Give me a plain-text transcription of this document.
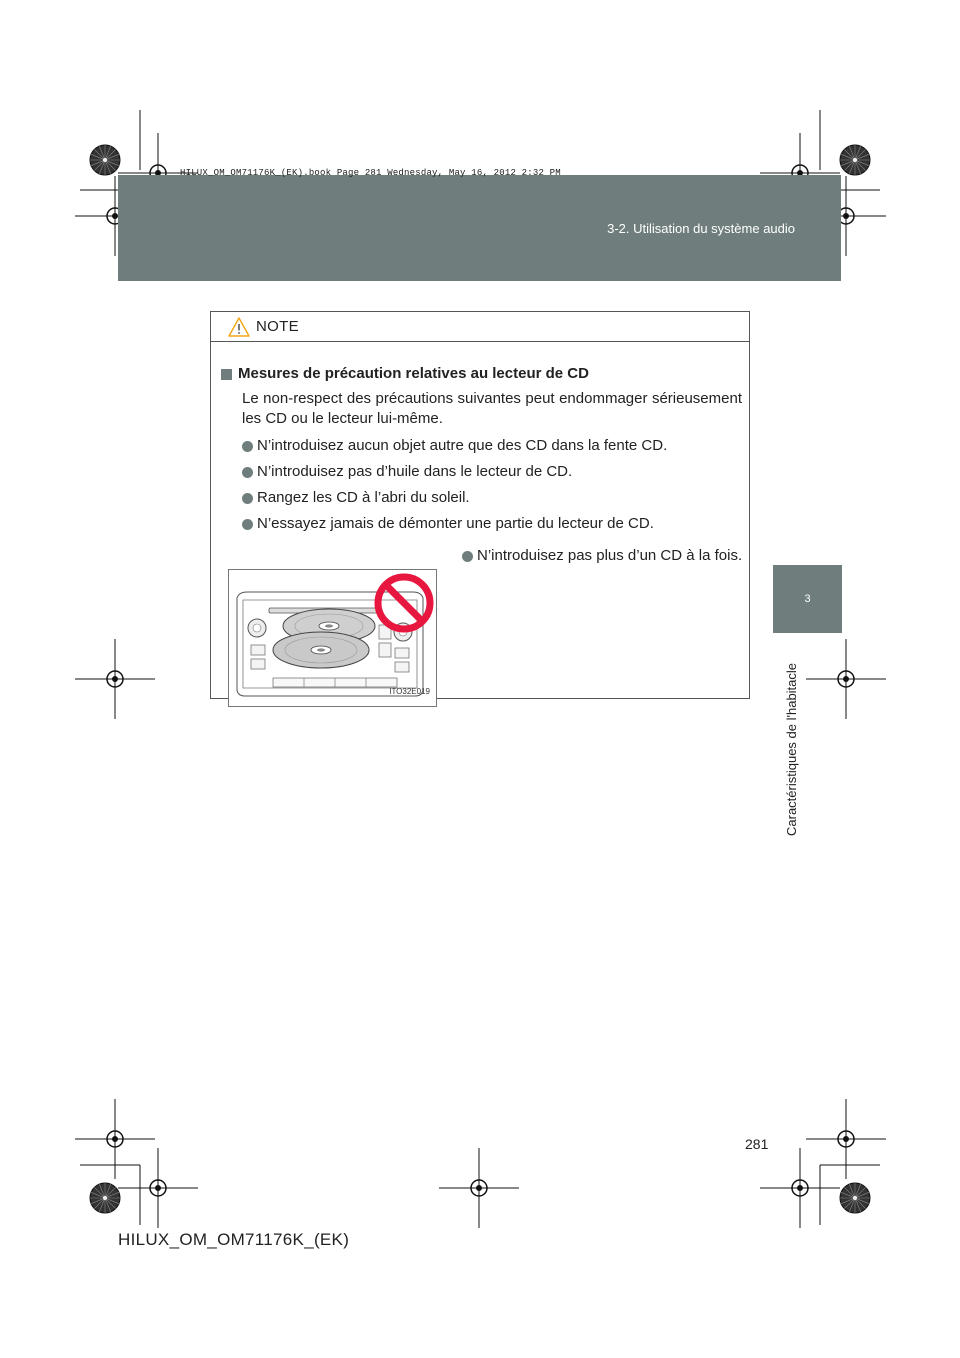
HILUX_OM_OM71176K_(EK).book Page 281 Wednesday, May 16, 2012 2:32 PM
3-2. Utilisation du système audio
3
Caractéristiques de l'habitacle
NOTE
Mesures de précaution relatives au lecteur de CD

Le non-respect des précautions suivantes peut endommager sérieusement les CD ou le lecteur lui-même.

N’introduisez aucun objet autre que des CD dans la fente CD.
N’introduisez pas d’huile dans le lecteur de CD.
Rangez les CD à l’abri du soleil.
N’essayez jamais de démonter une partie du lecteur de CD.
N’introduisez pas plus d’un CD à la fois.
ITO32E019
281
HILUX_OM_OM71176K_(EK)
